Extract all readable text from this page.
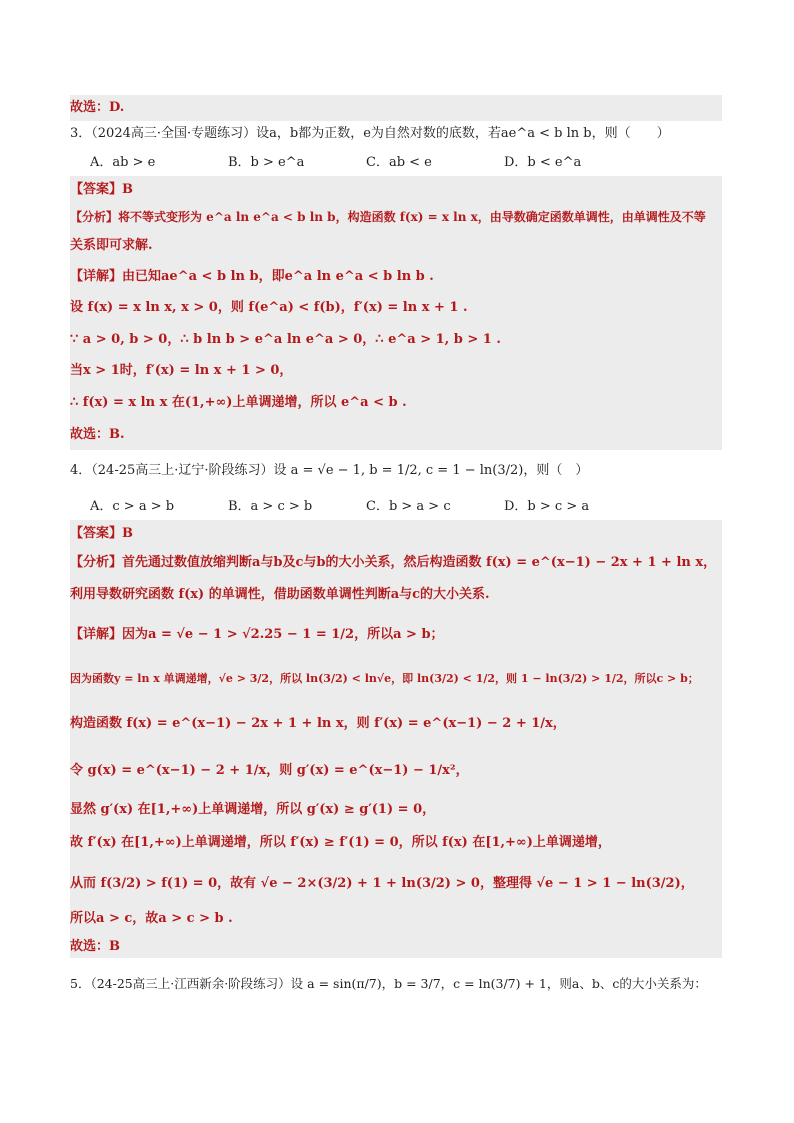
故选：D.
3．（2024高三·全国·专题练习）设a，b都为正数，e为自然对数的底数，若ae^a < b ln b，则（　　）
A．ab > e	B．b > e^a	C．ab < e	D．b < e^a
【答案】B
【分析】将不等式变形为 e^a ln e^a < b ln b，构造函数 f(x) = x ln x，由导数确定函数单调性，由单调性及不等
关系即可求解.
【详解】由已知ae^a < b ln b，即e^a ln e^a < b ln b .
设 f(x) = x ln x, x > 0，则 f(e^a) < f(b)，f′(x) = ln x + 1 .
∵ a > 0, b > 0，∴ b ln b > e^a ln e^a > 0，∴ e^a > 1, b > 1 .
当x > 1时，f′(x) = ln x + 1 > 0，
∴ f(x) = x ln x 在(1,+∞)上单调递增，所以 e^a < b .
故选：B.
4．（24-25高三上·辽宁·阶段练习）设 a = √e − 1, b = 1/2, c = 1 − ln(3/2)，则（　）
A．c > a > b	B．a > c > b	C．b > a > c	D．b > c > a
【答案】B
【分析】首先通过数值放缩判断a与b及c与b的大小关系，然后构造函数 f(x) = e^(x−1) − 2x + 1 + ln x，
利用导数研究函数 f(x) 的单调性，借助函数单调性判断a与c的大小关系.
【详解】因为a = √e − 1 > √2.25 − 1 = 1/2，所以a > b；
因为函数y = ln x 单调递增，√e > 3/2，所以 ln(3/2) < ln√e，即 ln(3/2) < 1/2，则 1 − ln(3/2) > 1/2，所以c > b；
构造函数 f(x) = e^(x−1) − 2x + 1 + ln x，则 f′(x) = e^(x−1) − 2 + 1/x，
令 g(x) = e^(x−1) − 2 + 1/x，则 g′(x) = e^(x−1) − 1/x²，
显然 g′(x) 在[1,+∞)上单调递增，所以 g′(x) ≥ g′(1) = 0，
故 f′(x) 在[1,+∞)上单调递增，所以 f′(x) ≥ f′(1) = 0，所以 f(x) 在[1,+∞)上单调递增，
从而 f(3/2) > f(1) = 0，故有 √e − 2×(3/2) + 1 + ln(3/2) > 0，整理得 √e − 1 > 1 − ln(3/2)，
所以a > c，故a > c > b .
故选：B
5．（24-25高三上·江西新余·阶段练习）设 a = sin(π/7)，b = 3/7，c = ln(3/7) + 1，则a、b、c的大小关系为：
